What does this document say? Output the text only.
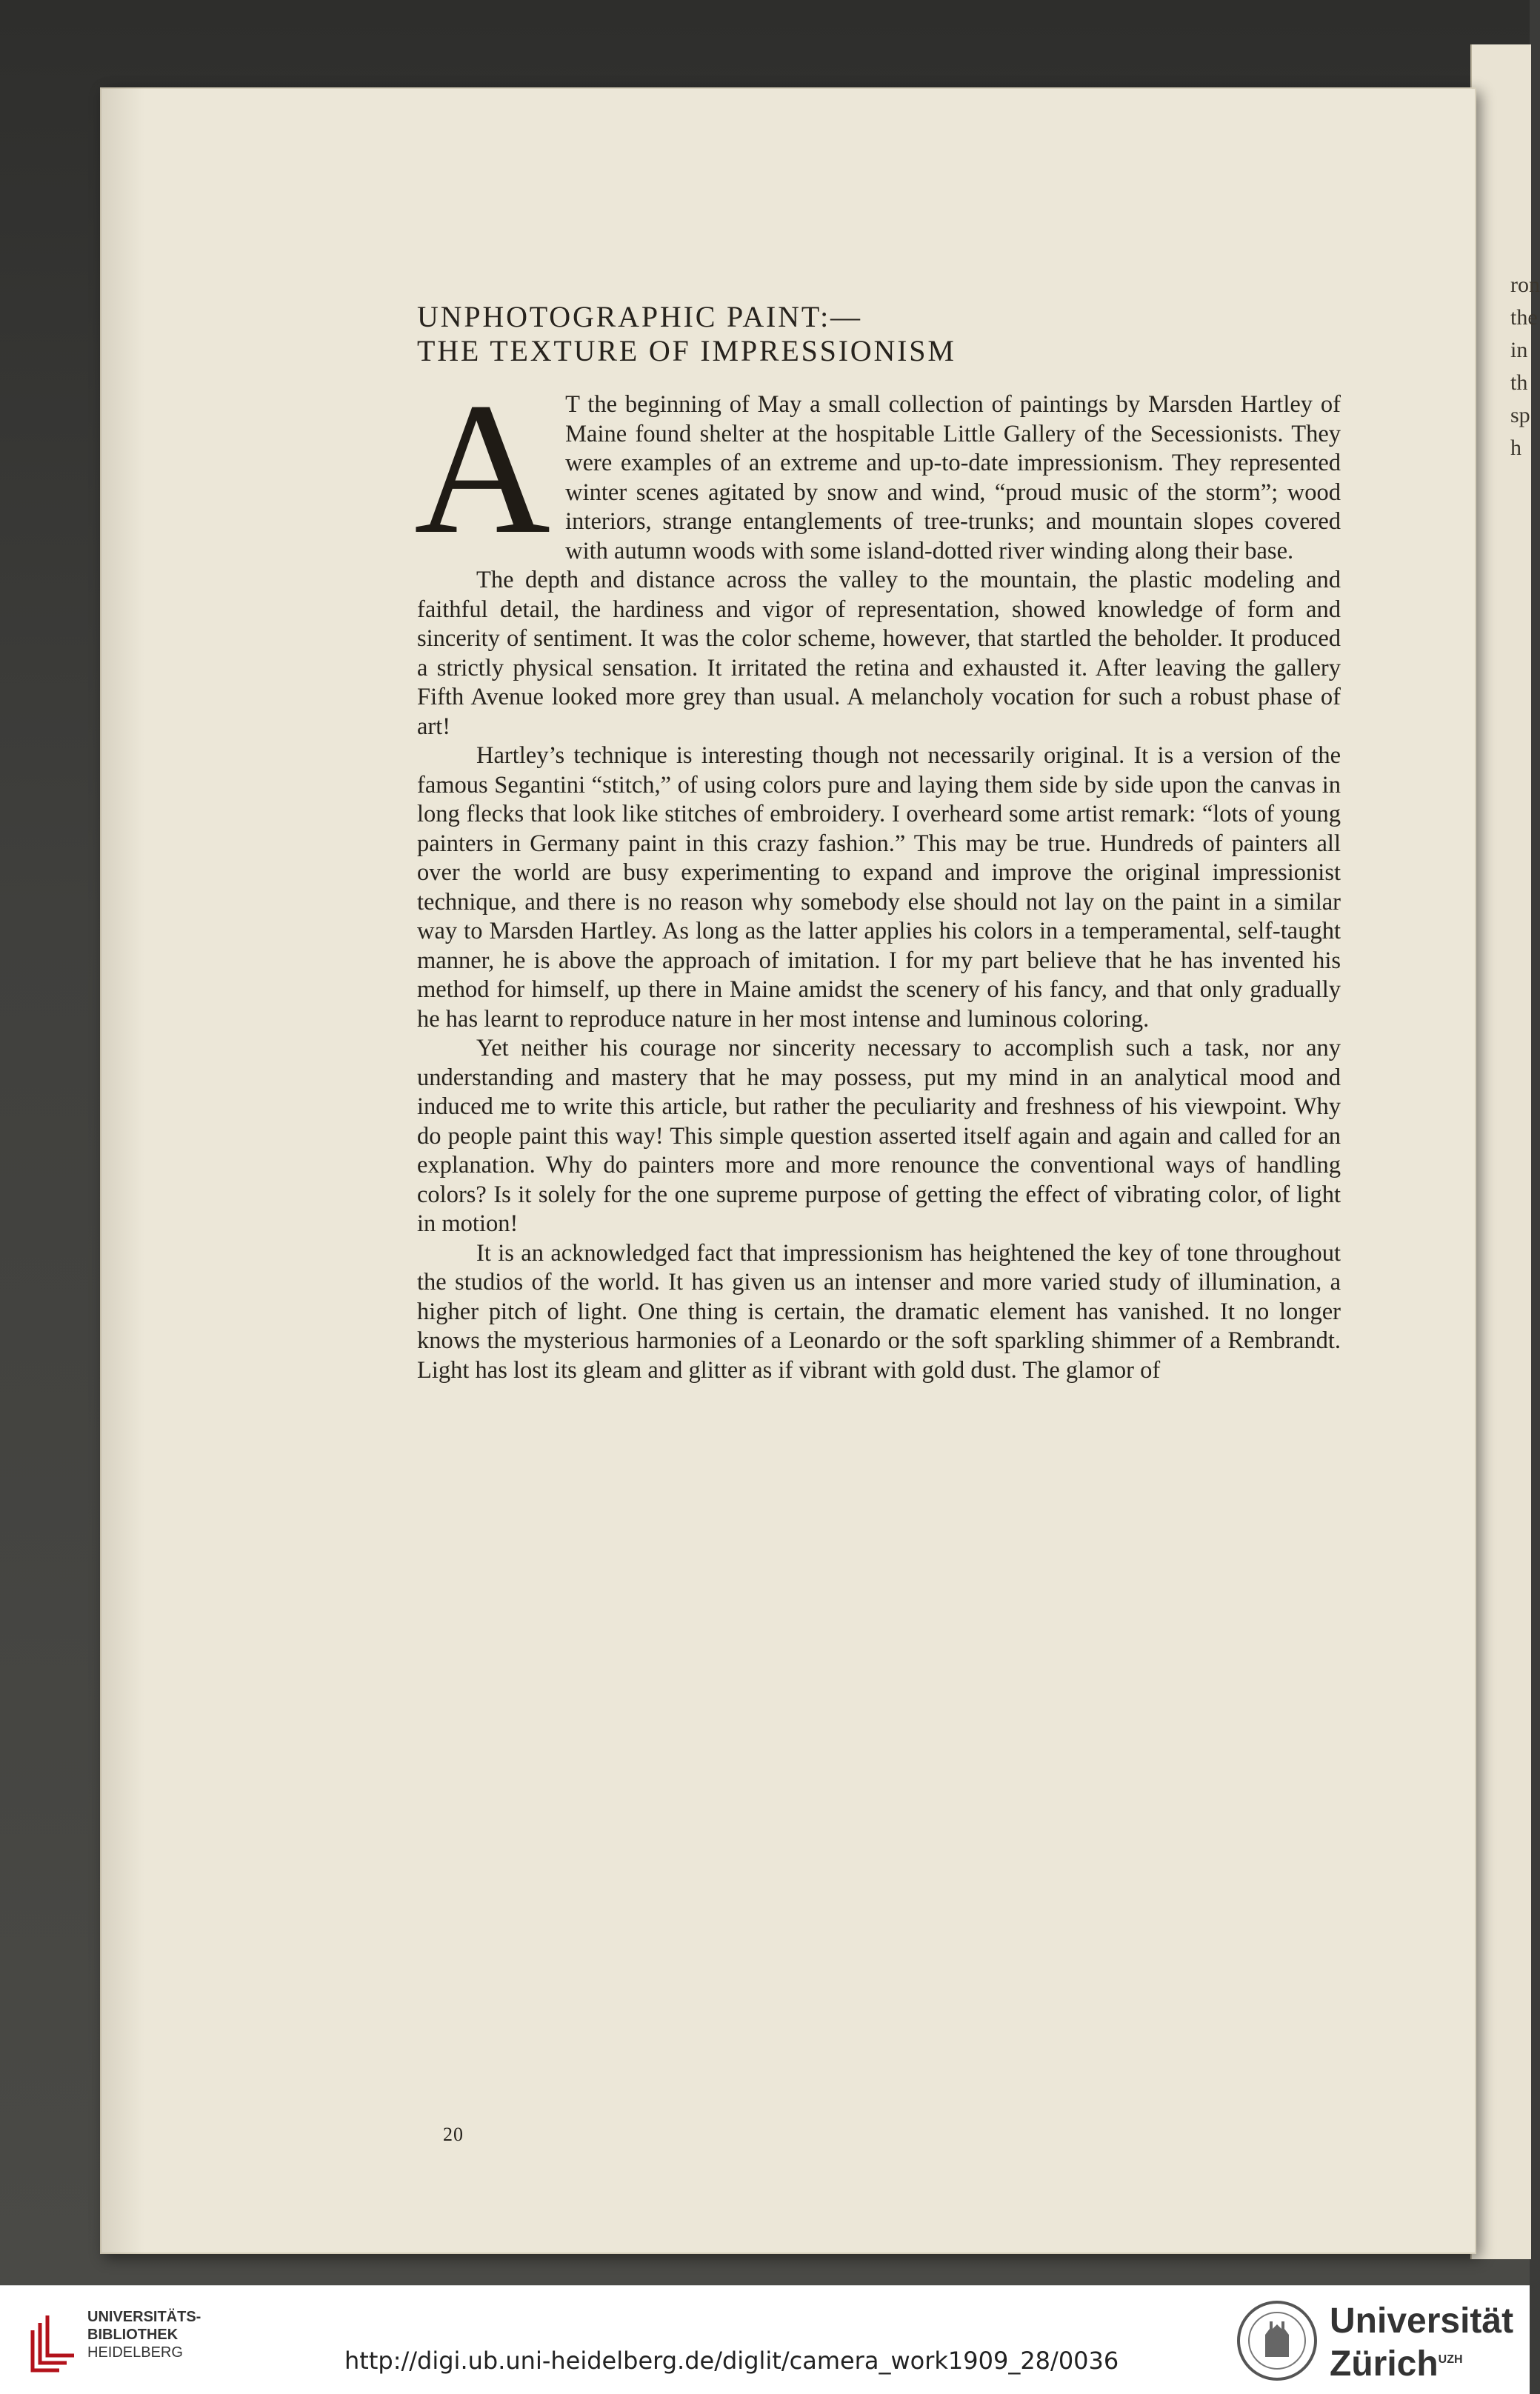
ron
the
in
th
sp
h
UNPHOTOGRAPHIC PAINT:—
THE TEXTURE OF IMPRESSIONISM

A T the beginning of May a small collection of paintings by Marsden Hartley of Maine found shelter at the hospitable Little Gallery of the Secessionists. They were examples of an extreme and up-to-date impressionism. They represented winter scenes agitated by snow and wind, “proud music of the storm”; wood interiors, strange entanglements of tree-trunks; and mountain slopes covered with autumn woods with some island-dotted river winding along their base.

The depth and distance across the valley to the mountain, the plastic modeling and faithful detail, the hardiness and vigor of representation, showed knowledge of form and sincerity of sentiment. It was the color scheme, however, that startled the beholder. It produced a strictly physical sensation. It irritated the retina and exhausted it. After leaving the gallery Fifth Avenue looked more grey than usual. A melancholy vocation for such a robust phase of art!

Hartley’s technique is interesting though not necessarily original. It is a version of the famous Segantini “stitch,” of using colors pure and laying them side by side upon the canvas in long flecks that look like stitches of embroidery. I overheard some artist remark: “lots of young painters in Germany paint in this crazy fashion.” This may be true. Hundreds of painters all over the world are busy experimenting to expand and improve the original impressionist technique, and there is no reason why somebody else should not lay on the paint in a similar way to Marsden Hartley. As long as the latter applies his colors in a temperamental, self-taught manner, he is above the approach of imitation. I for my part believe that he has invented his method for himself, up there in Maine amidst the scenery of his fancy, and that only gradually he has learnt to reproduce nature in her most intense and luminous coloring.

Yet neither his courage nor sincerity necessary to accomplish such a task, nor any understanding and mastery that he may possess, put my mind in an analytical mood and induced me to write this article, but rather the peculiarity and freshness of his viewpoint. Why do people paint this way! This simple question asserted itself again and again and called for an explanation. Why do painters more and more renounce the conventional ways of handling colors? Is it solely for the one supreme purpose of getting the effect of vibrating color, of light in motion!

It is an acknowledged fact that impressionism has heightened the key of tone throughout the studios of the world. It has given us an intenser and more varied study of illumination, a higher pitch of light. One thing is certain, the dramatic element has vanished. It no longer knows the mysterious harmonies of a Leonardo or the soft sparkling shimmer of a Rembrandt. Light has lost its gleam and glitter as if vibrant with gold dust. The glamor of

20
UNIVERSITÄTS-
BIBLIOTHEK
HEIDELBERG	http://digi.ub.uni-heidelberg.de/diglit/camera_work1909_28/0036
Universität
Zürich$^{UZH}$
